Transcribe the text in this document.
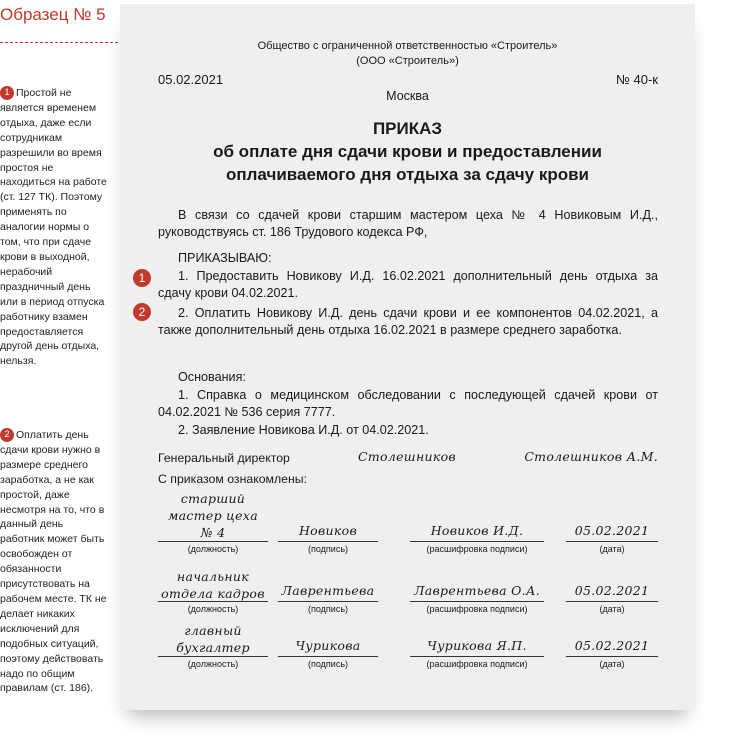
Образец № 5
1 Простой не является временем отдыха, даже если сотрудникам разрешили во время простоя не находиться на работе (ст. 127 ТК). Поэтому применять по аналогии нормы о том, что при сдаче крови в выходной, нерабочий праздничный день или в период отпуска работнику взамен предоставляется другой день отдыха, нельзя.
2 Оплатить день сдачи крови нужно в размере среднего заработка, а не как простой, даже несмотря на то, что в данный день работник может быть освобожден от обязанности присутствовать на рабочем месте. ТК не делает никаких исключений для подобных ситуаций, поэтому действовать надо по общим правилам (ст. 186).
Общество с ограниченной ответственностью «Строитель»
(ООО «Строитель»)
05.02.2021	№ 40-к
Москва
ПРИКАЗ
об оплате дня сдачи крови и предоставлении
оплачиваемого дня отдыха за сдачу крови
В связи со сдачей крови старшим мастером цеха № 4 Новиковым И.Д., руководствуясь ст. 186 Трудового кодекса РФ,
ПРИКАЗЫВАЮ:
1. Предоставить Новикову И.Д. 16.02.2021 дополнительный день отдыха за сдачу крови 04.02.2021.
2. Оплатить Новикову И.Д. день сдачи крови и ее компонентов 04.02.2021, а также дополнительный день отдыха 16.02.2021 в размере среднего заработка.
Основания:
1. Справка о медицинском обследовании с последующей сдачей крови от 04.02.2021 № 536 серия 7777.
2. Заявление Новикова И.Д. от 04.02.2021.
Генеральный директор	Столешников	Столешников А.М.
С приказом ознакомлены:
старший
мастер цеха
№ 4	Новиков	Новиков И.Д.	05.02.2021
(должность)	(подпись)	(расшифровка подписи)	(дата)
начальник
отдела кадров	Лаврентьева	Лаврентьева О.А.	05.02.2021
(должность)	(подпись)	(расшифровка подписи)	(дата)
главный
бухгалтер	Чурикова	Чурикова Я.П.	05.02.2021
(должность)	(подпись)	(расшифровка подписи)	(дата)
1
2
